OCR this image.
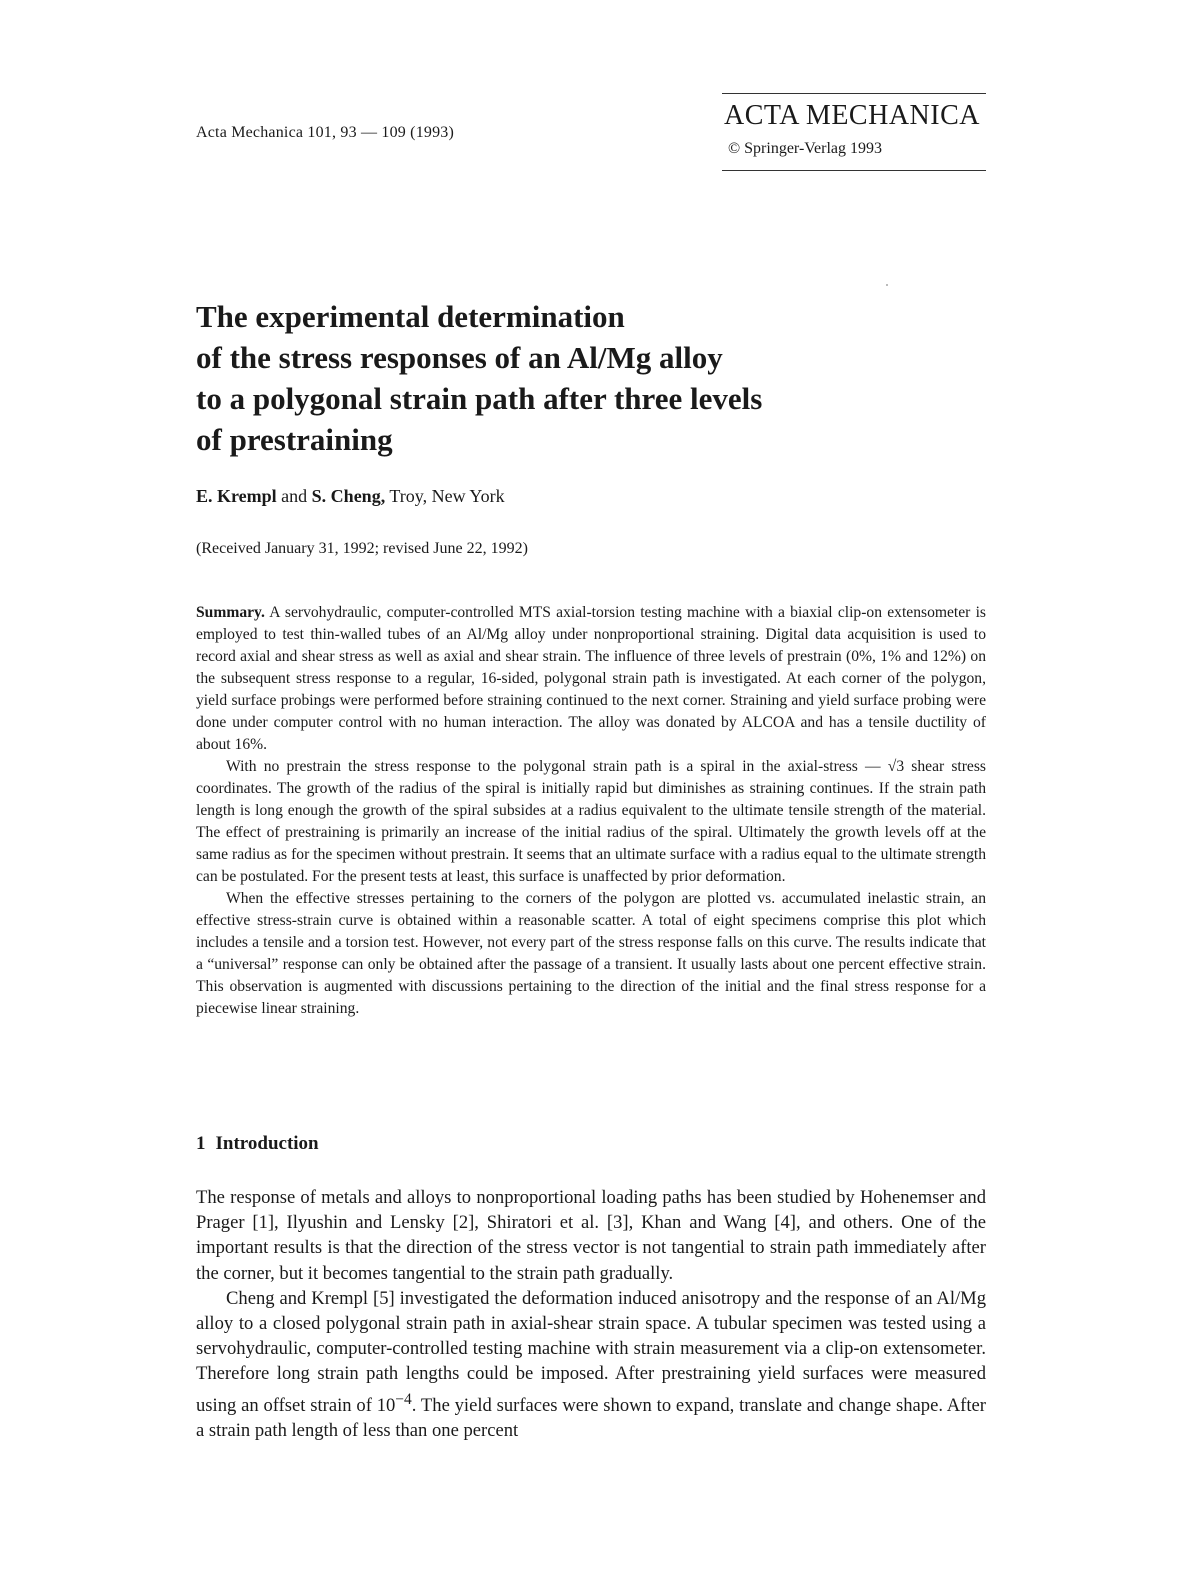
Acta Mechanica 101, 93 — 109 (1993)
ACTA MECHANICA
© Springer-Verlag 1993
The experimental determination
of the stress responses of an Al/Mg alloy
to a polygonal strain path after three levels
of prestraining
E. Krempl and S. Cheng, Troy, New York
(Received January 31, 1992; revised June 22, 1992)

Summary. A servohydraulic, computer-controlled MTS axial-torsion testing machine with a biaxial clip-on extensometer is employed to test thin-walled tubes of an Al/Mg alloy under nonproportional straining. Digital data acquisition is used to record axial and shear stress as well as axial and shear strain. The influence of three levels of prestrain (0%, 1% and 12%) on the subsequent stress response to a regular, 16-sided, polygonal strain path is investigated. At each corner of the polygon, yield surface probings were performed before straining continued to the next corner. Straining and yield surface probing were done under computer control with no human interaction. The alloy was donated by ALCOA and has a tensile ductility of about 16%.

With no prestrain the stress response to the polygonal strain path is a spiral in the axial-stress — √3 shear stress coordinates. The growth of the radius of the spiral is initially rapid but diminishes as straining continues. If the strain path length is long enough the growth of the spiral subsides at a radius equivalent to the ultimate tensile strength of the material. The effect of prestraining is primarily an increase of the initial radius of the spiral. Ultimately the growth levels off at the same radius as for the specimen without prestrain. It seems that an ultimate surface with a radius equal to the ultimate strength can be postulated. For the present tests at least, this surface is unaffected by prior deformation.

When the effective stresses pertaining to the corners of the polygon are plotted vs. accumulated inelastic strain, an effective stress-strain curve is obtained within a reasonable scatter. A total of eight specimens comprise this plot which includes a tensile and a torsion test. However, not every part of the stress response falls on this curve. The results indicate that a “universal” response can only be obtained after the passage of a transient. It usually lasts about one percent effective strain. This observation is augmented with discussions pertaining to the direction of the initial and the final stress response for a piecewise linear straining.

1 Introduction

The response of metals and alloys to nonproportional loading paths has been studied by Hohenemser and Prager [1], Ilyushin and Lensky [2], Shiratori et al. [3], Khan and Wang [4], and others. One of the important results is that the direction of the stress vector is not tangential to strain path immediately after the corner, but it becomes tangential to the strain path gradually.

Cheng and Krempl [5] investigated the deformation induced anisotropy and the response of an Al/Mg alloy to a closed polygonal strain path in axial-shear strain space. A tubular specimen was tested using a servohydraulic, computer-controlled testing machine with strain measurement via a clip-on extensometer. Therefore long strain path lengths could be imposed. After prestraining yield surfaces were measured using an offset strain of $10^{-4}$. The yield surfaces were shown to expand, translate and change shape. After a strain path length of less than one percent
